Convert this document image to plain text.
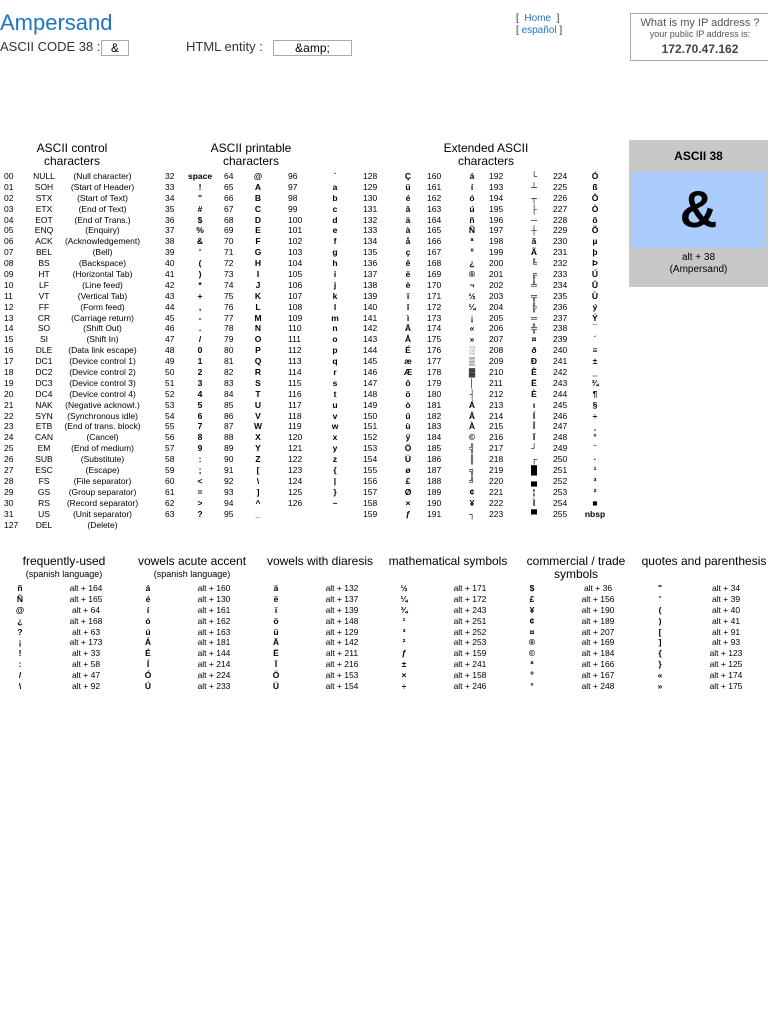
Ampersand
ASCII CODE 38 : &	HTML entity :	&amp;
[ Home ]
[ español ]
What is my IP address ?
your public IP address is:
172.70.47.162
ASCII control characters
ASCII printable characters
Extended ASCII characters
00	NULL	(Null character)
01	SOH	(Start of Header)
02	STX	(Start of Text)
03	ETX	(End of Text)
04	EOT	(End of Trans.)
05	ENQ	(Enquiry)
06	ACK	(Acknowledgement)
07	BEL	(Bell)
08	BS	(Backspace)
09	HT	(Horizontal Tab)
10	LF	(Line feed)
11	VT	(Vertical Tab)
12	FF	(Form feed)
13	CR	(Carriage return)
14	SO	(Shift Out)
15	SI	(Shift In)
16	DLE	(Data link escape)
17	DC1	(Device control 1)
18	DC2	(Device control 2)
19	DC3	(Device control 3)
20	DC4	(Device control 4)
21	NAK	(Negative acknowl.)
22	SYN	(Synchronous idle)
23	ETB	(End of trans. block)
24	CAN	(Cancel)
25	EM	(End of medium)
26	SUB	(Substitute)
27	ESC	(Escape)
28	FS	(File separator)
29	GS	(Group separator)
30	RS	(Record separator)
31	US	(Unit separator)
127	DEL	(Delete)
32	space 64	@	96	`
33	!	65	A	97	a
34	"	66	B	98	b
35	#	67	C	99	c
36	$	68	D	100	d
37	%	69	E	101	e
38	&	70	F	102	f
39	'	71	G	103	g
40	(	72	H	104	h
41	)	73	I	105	i
42	*	74	J	106	j
43	+	75	K	107	k
44	,	76	L	108	l
45	-	77	M	109	m
46	.	78	N	110	n
47	/	79	O	111	o
48	0	80	P	112	p
49	1	81	Q	113	q
50	2	82	R	114	r
51	3	83	S	115	s
52	4	84	T	116	t
53	5	85	U	117	u
54	6	86	V	118	v
55	7	87	W	119	w
56	8	88	X	120	x
57	9	89	Y	121	y
58	:	90	Z	122	z
59	;	91	[	123	{
60	<	92	\	124	|
61	=	93	]	125	}
62	>	94	^	126	~
63	?	95	_
128	Ç	160	á	192	└	224	Ó
129	ü	161	í	193	┴	225	ß
130	é	162	ó	194	┬	226	Ô
131	â	163	ú	195	├	227	Ò
132	ä	164	ñ	196	─	228	õ
133	à	165	Ñ	197	┼	229	Õ
134	å	166	ª	198	ã	230	µ
135	ç	167	º	199	Ã	231	þ
136	ê	168	¿	200	╚	232	Þ
137	ë	169	®	201	╔	233	Ú
138	è	170	¬	202	╩	234	Û
139	ï	171	½	203	╦	235	Ù
140	î	172	¼	204	╠	236	ý
141	ì	173	¡	205	═	237	Ý
142	Ä	174	«	206	╬	238	¯
143	Å	175	»	207	¤	239	´
144	É	176	░	208	ð	240	≡
145	æ	177	▒	209	Ð	241	±
146	Æ	178	▓	210	Ê	242	‗
147	ô	179	│	211	Ë	243	¾
148	ö	180	┤	212	È	244	¶
149	ò	181	Á	213	ı	245	§
150	û	182	Â	214	Í	246	÷
151	ù	183	À	215	Î	247	¸
152	ÿ	184	©	216	Ï	248	°
153	Ö	185	╣	217	┘	249	¨
154	Ü	186	║	218	┌	250	·
155	ø	187	╗	219	█	251	¹
156	£	188	╝	220	▄	252	³
157	Ø	189	¢	221	¦	253	²
158	×	190	¥	222	Ì	254	■
159	ƒ	191	┐	223	▀	255	nbsp
ASCII 38
&
alt + 38
(Ampersand)
frequently-used
(spanish language)
ñ	alt + 164
Ñ	alt + 165
@	alt + 64
¿	alt + 168
?	alt + 63
¡	alt + 173
!	alt + 33
:	alt + 58
/	alt + 47
\	alt + 92
vowels acute accent
(spanish language)
á	alt + 160
é	alt + 130
í	alt + 161
ó	alt + 162
ú	alt + 163
Á	alt + 181
É	alt + 144
Í	alt + 214
Ó	alt + 224
Ú	alt + 233
vowels with diaresis
ä	alt + 132
ë	alt + 137
ï	alt + 139
ö	alt + 148
ü	alt + 129
Ä	alt + 142
Ë	alt + 211
Ï	alt + 216
Ö	alt + 153
Ü	alt + 154
mathematical symbols
½	alt + 171
¼	alt + 172
¾	alt + 243
¹	alt + 251
³	alt + 252
²	alt + 253
ƒ	alt + 159
±	alt + 241
×	alt + 158
÷	alt + 246
commercial / trade symbols
$	alt + 36
£	alt + 156
¥	alt + 190
¢	alt + 189
¤	alt + 207
®	alt + 169
©	alt + 184
ª	alt + 166
º	alt + 167
°	alt + 248
quotes and parenthesis
"	alt + 34
'	alt + 39
(	alt + 40
)	alt + 41
[	alt + 91
]	alt + 93
{	alt + 123
}	alt + 125
«	alt + 174
»	alt + 175
